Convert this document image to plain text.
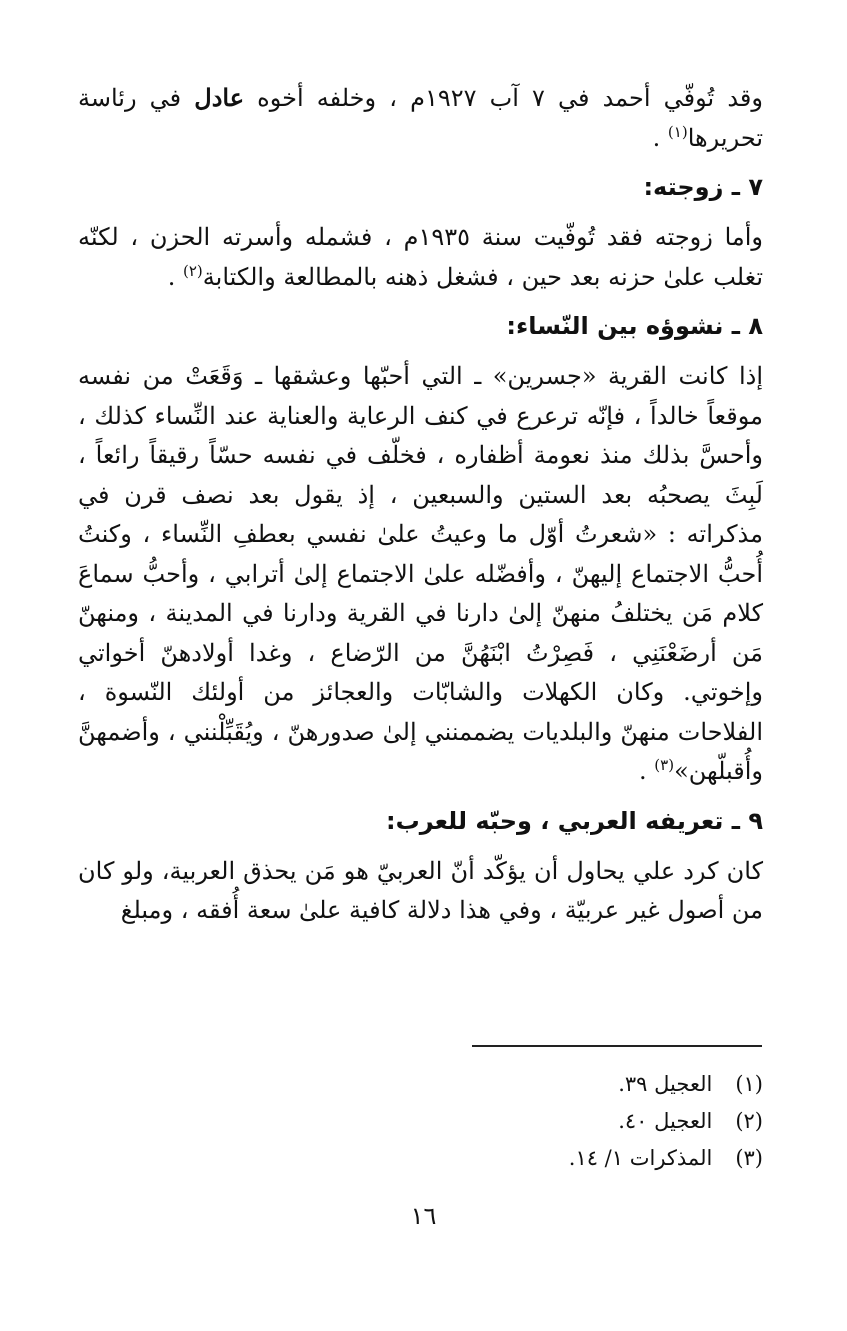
وقد تُوفّي أحمد في ٧ آب ١٩٢٧م ، وخلفه أخوه عادل في رئاسة تحريرها$^{(١)}$ .

٧ ـ زوجته:

وأما زوجته فقد تُوفّيت سنة ١٩٣٥م ، فشمله وأسرته الحزن ، لكنّه تغلب علىٰ حزنه بعد حين ، فشغل ذهنه بالمطالعة والكتابة$^{(٢)}$ .

٨ ـ نشوؤه بين النّساء:

إذا كانت القرية «جسرين» ـ التي أحبّها وعشقها ـ وَقَعَتْ من نفسه موقعاً خالداً ، فإنّه ترعرع في كنف الرعاية والعناية عند النِّساء كذلك ، وأحسَّ بذلك منذ نعومة أظفاره ، فخلّف في نفسه حسّاً رقيقاً رائعاً ، لَبِثَ يصحبُه بعد الستين والسبعين ، إذ يقول بعد نصف قرن في مذكراته : «شعرتُ أوّل ما وعيتُ علىٰ نفسي بعطفِ النِّساء ، وكنتُ أُحبُّ الاجتماع إليهنّ ، وأفضّله علىٰ الاجتماع إلىٰ أترابي ، وأحبُّ سماعَ كلام مَن يختلفُ منهنّ إلىٰ دارنا في القرية ودارنا في المدينة ، ومنهنّ مَن أرضَعْنَنِي ، فَصِرْتُ ابْنَهُنَّ من الرّضاع ، وغدا أولادهنّ أخواتي وإخوتي. وكان الكهلات والشابّات والعجائز من أولئك النّسوة ، الفلاحات منهنّ والبلديات يضممنني إلىٰ صدورهنّ ، ويُقَبِّلْنني ، وأضمهنَّ وأُقبلّهن»$^{(٣)}$ .

٩ ـ تعريفه العربي ، وحبّه للعرب:

كان كرد علي يحاول أن يؤكّد أنّ العربيّ هو مَن يحذق العربية، ولو كان من أصول غير عربيّة ، وفي هذا دلالة كافية علىٰ سعة أُفقه ، ومبلغ

(١) العجيل ٣٩.
(٢) العجيل ٤٠.
(٣) المذكرات ١/ ١٤.
١٦
